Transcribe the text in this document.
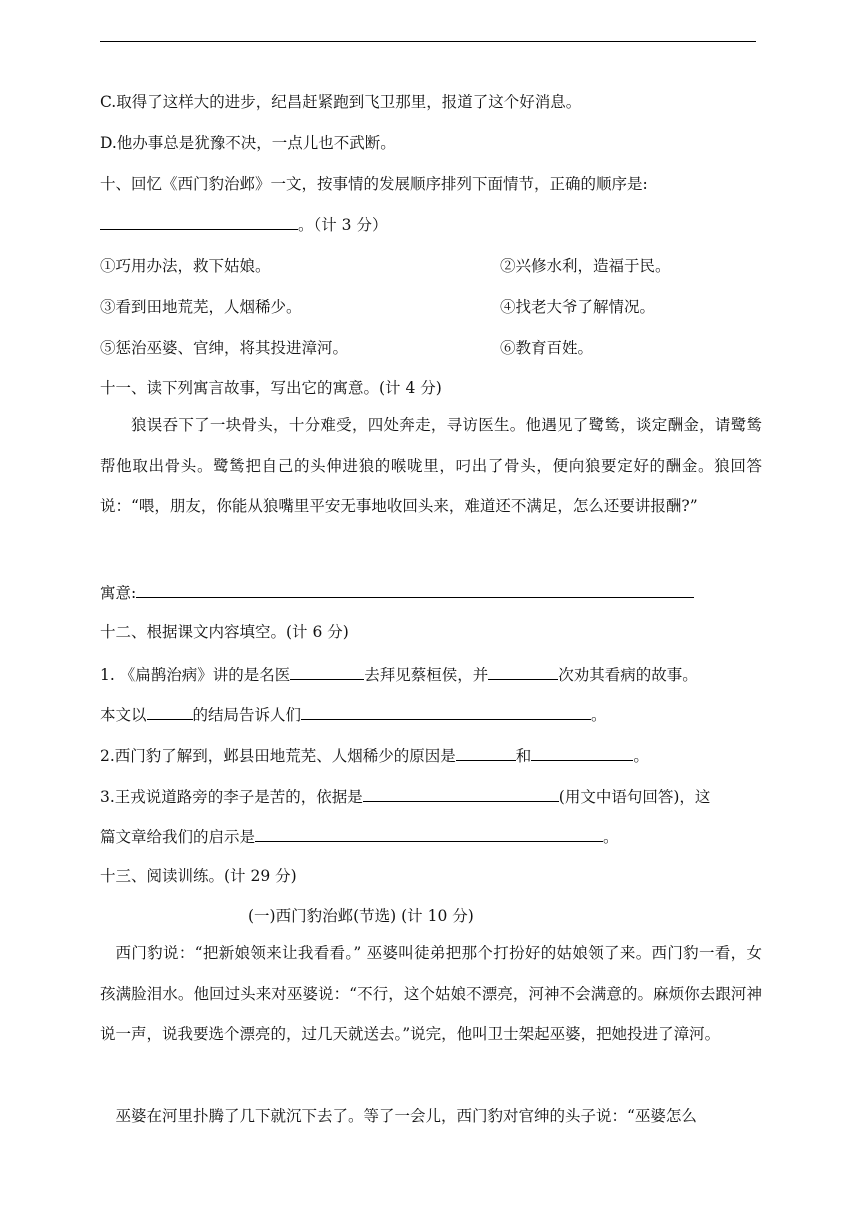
C.取得了这样大的进步，纪昌赶紧跑到飞卫那里，报道了这个好消息。
D.他办事总是犹豫不决，一点儿也不武断。
十、回忆《西门豹治邺》一文，按事情的发展顺序排列下面情节，正确的顺序是:
。（计 3 分）
①巧用办法，救下姑娘。	②兴修水利，造福于民。
③看到田地荒芜，人烟稀少。	④找老大爷了解情况。
⑤惩治巫婆、官绅，将其投进漳河。	⑥教育百姓。
十一、读下列寓言故事，写出它的寓意。(计 4 分)
狼误吞下了一块骨头，十分难受，四处奔走，寻访医生。他遇见了鹭鸶，谈定酬金，请鹭鸶帮他取出骨头。鹭鸶把自己的头伸进狼的喉咙里，叼出了骨头，便向狼要定好的酬金。狼回答说：“喂，朋友，你能从狼嘴里平安无事地收回头来，难道还不满足，怎么还要讲报酬?”
寓意:
十二、根据课文内容填空。(计 6 分)
1. 《扁鹊治病》讲的是名医	去拜见蔡桓侯，并	次劝其看病的故事。
本文以	的结局告诉人们	。
2.西门豹了解到，邺县田地荒芜、人烟稀少的原因是	和	。
3.王戎说道路旁的李子是苦的，依据是	(用文中语句回答)，这
篇文章给我们的启示是	。
十三、阅读训练。(计 29 分)
(一)西门豹治邺(节选) (计 10 分)
西门豹说：“把新娘领来让我看看。” 巫婆叫徒弟把那个打扮好的姑娘领了来。西门豹一看，女孩满脸泪水。他回过头来对巫婆说：“不行，这个姑娘不漂亮，河神不会满意的。麻烦你去跟河神说一声，说我要选个漂亮的，过几天就送去。”说完，他叫卫士架起巫婆，把她投进了漳河。
巫婆在河里扑腾了几下就沉下去了。等了一会儿，西门豹对官绅的头子说：“巫婆怎么
